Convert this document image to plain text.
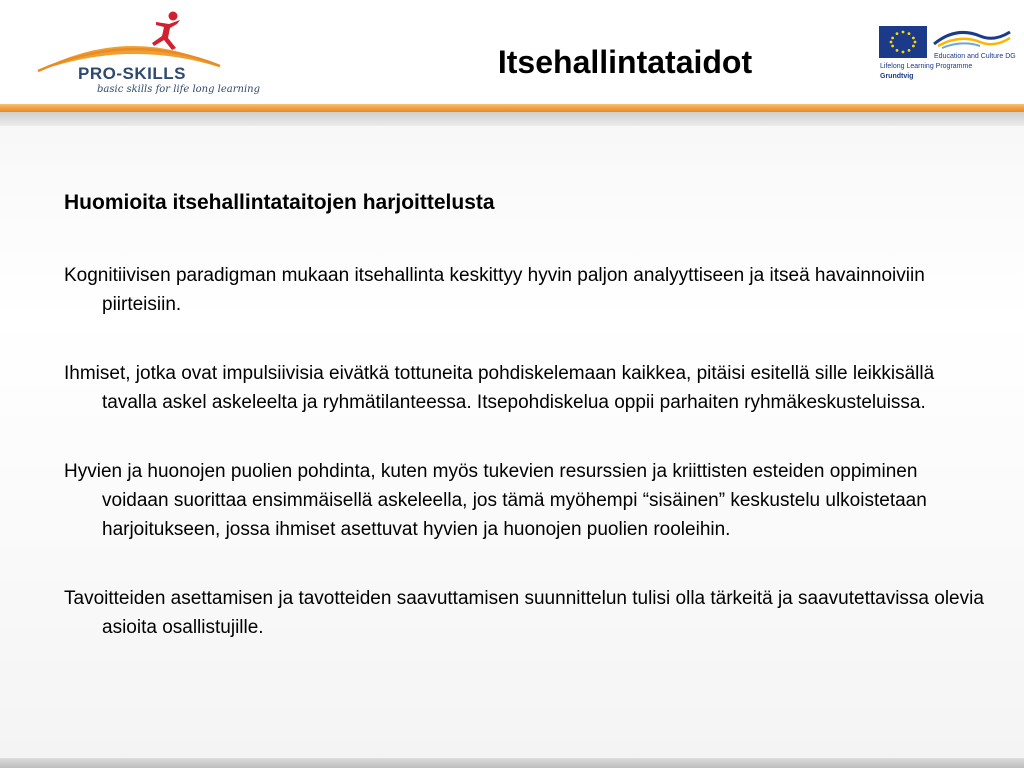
PRO-SKILLS
basic skills for life long learning
Itsehallintataidot	Education and Culture DG
Lifelong Learning Programme
Grundtvig
Huomioita itsehallintataitojen harjoittelusta

Kognitiivisen paradigman mukaan itsehallinta keskittyy hyvin paljon analyyttiseen ja itseä havainnoiviin piirteisiin.

Ihmiset, jotka ovat impulsiivisia eivätkä tottuneita pohdiskelemaan kaikkea, pitäisi esitellä sille leikkisällä tavalla askel askeleelta ja ryhmätilanteessa. Itsepohdiskelua oppii parhaiten ryhmäkeskusteluissa.

Hyvien ja huonojen puolien pohdinta, kuten myös tukevien resurssien ja kriittisten esteiden oppiminen voidaan suorittaa ensimmäisellä askeleella, jos tämä myöhempi “sisäinen” keskustelu ulkoistetaan harjoitukseen, jossa ihmiset asettuvat hyvien ja huonojen puolien rooleihin.

Tavoitteiden asettamisen ja tavotteiden saavuttamisen suunnittelun tulisi olla tärkeitä ja saavutettavissa olevia asioita osallistujille.
